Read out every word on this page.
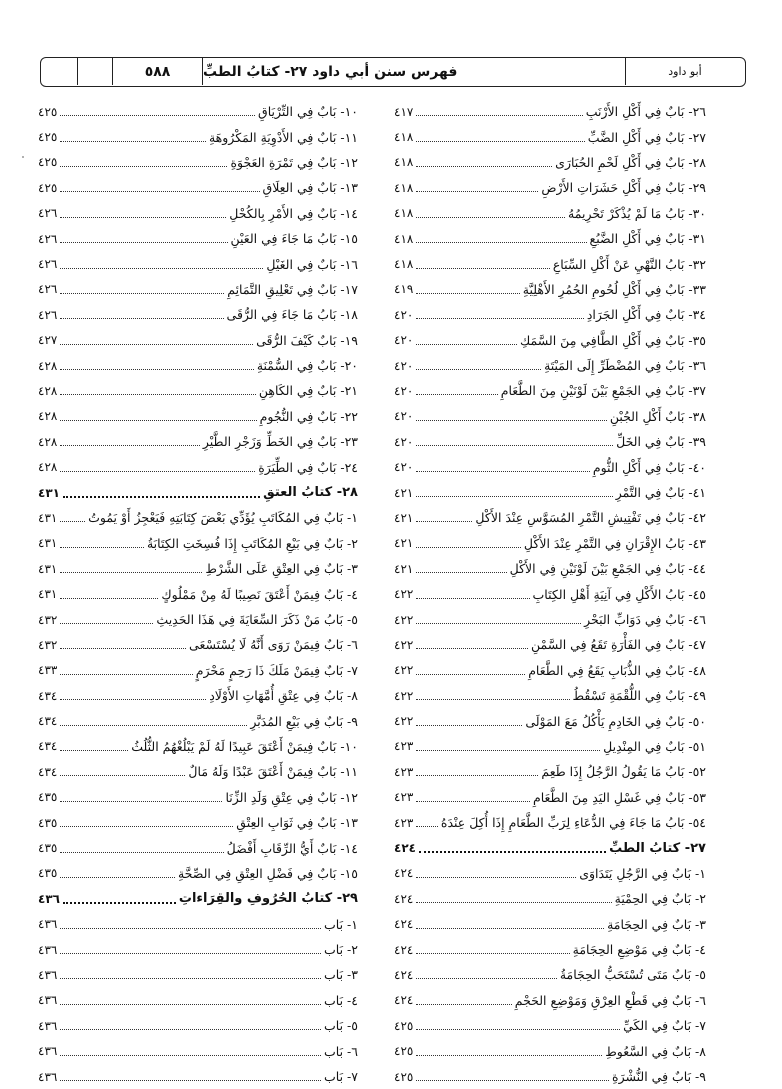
٥٨٨	فهرس سنن أبي داود ٢٧- كتابُ الطبِّ	أبو داود
٢٦- بَابٌ فِي أَكْلِ الأَرْنَبِ
٤١٧
٢٧- بَابٌ فِي أَكْلِ الضَّبِّ
٤١٨
٢٨- بَابٌ فِي أَكْلِ لَحْمِ الحُبَارَى
٤١٨
٢٩- بَابٌ فِي أَكْلِ حَشَرَاتِ الأَرْضِ
٤١٨
٣٠- بَابُ مَا لَمْ يُذْكَرْ تَحْرِيمُهُ
٤١٨
٣١- بَابٌ فِي أَكْلِ الضَّبُعِ
٤١٨
٣٢- بَابُ النَّهْيِ عَنْ أَكْلِ السِّبَاعِ
٤١٨
٣٣- بَابٌ فِي أَكْلِ لُحُومِ الحُمُرِ الأَهْلِيَّةِ
٤١٩
٣٤- بَابٌ فِي أَكْلِ الجَرَادِ
٤٢٠
٣٥- بَابٌ فِي أَكْلِ الطَّافِي مِنَ السَّمَكِ
٤٢٠
٣٦- بَابٌ فِي المُضْطَرِّ إِلَى المَيْتَةِ
٤٢٠
٣٧- بَابٌ فِي الجَمْعِ بَيْنَ لَوْنَيْنِ مِنَ الطَّعَامِ
٤٢٠
٣٨- بَابٌ أَكْلِ الجُبْنِ
٤٢٠
٣٩- بَابٌ فِي الخَلِّ
٤٢٠
٤٠- بَابٌ فِي أَكْلِ الثُّومِ
٤٢٠
٤١- بَابٌ فِي التَّمْرِ
٤٢١
٤٢- بَابٌ فِي تَفْتِيشِ التَّمْرِ المُسَوَّسِ عِنْدَ الأَكْلِ
٤٢١
٤٣- بَابُ الإِقْرَانِ فِي التَّمْرِ عِنْدَ الأَكْلِ
٤٢١
٤٤- بَابٌ فِي الجَمْعِ بَيْنَ لَوْنَيْنِ فِي الأَكْلِ
٤٢١
٤٥- بَابُ الأَكْلِ فِي آنِيَةِ أَهْلِ الكِتَابِ
٤٢٢
٤٦- بَابٌ فِي دَوَابِّ البَحْرِ
٤٢٢
٤٧- بَابٌ فِي الفَأْرَةِ تَقَعُ فِي السَّمْنِ
٤٢٢
٤٨- بَابٌ فِي الذُّبَابِ يَقَعُ فِي الطَّعَامِ
٤٢٢
٤٩- بَابٌ فِي اللُّقْمَةِ تَسْقُطُ
٤٢٢
٥٠- بَابٌ فِي الخَادِمِ يَأْكُلُ مَعَ المَوْلَى
٤٢٢
٥١- بَابٌ فِي المِنْدِيلِ
٤٢٣
٥٢- بَابُ مَا يَقُولُ الرَّجُلُ إِذَا طَعِمَ
٤٢٣
٥٣- بَابٌ فِي غَسْلِ اليَدِ مِنَ الطَّعَامِ
٤٢٣
٥٤- بَابُ مَا جَاءَ فِي الدُّعَاءِ لِرَبِّ الطَّعَامِ إِذَا أُكِلَ عِنْدَهُ
٤٢٣
٢٧- كتابُ الطبِّ
٤٢٤
١- بَابٌ فِي الرَّجُلِ يَتَدَاوَى
٤٢٤
٢- بَابٌ فِي الحِمْيَةِ
٤٢٤
٣- بَابٌ فِي الحِجَامَةِ
٤٢٤
٤- بَابٌ فِي مَوْضِعِ الحِجَامَةِ
٤٢٤
٥- بَابٌ مَتَى تُسْتَحَبُّ الحِجَامَةُ
٤٢٤
٦- بَابٌ فِي قَطْعِ العِرْقِ وَمَوْضِعِ الحَجْمِ
٤٢٤
٧- بَابٌ فِي الكَيِّ
٤٢٥
٨- بَابٌ فِي السَّعُوطِ
٤٢٥
٩- بَابٌ فِي النُّشْرَةِ
٤٢٥
١٠- بَابٌ فِي التِّرْيَاقِ
٤٢٥
١١- بَابٌ فِي الأَدْوِيَةِ المَكْرُوهَةِ
٤٢٥
١٢- بَابٌ فِي تَمْرَةِ العَجْوَةِ
٤٢٥
١٣- بَابٌ فِي العِلَاقِ
٤٢٥
١٤- بَابٌ فِي الأَمْرِ بِالكُحْلِ
٤٢٦
١٥- بَابُ مَا جَاءَ فِي العَيْنِ
٤٢٦
١٦- بَابٌ فِي الغَيْلِ
٤٢٦
١٧- بَابٌ فِي تَعْلِيقِ التَّمَائِمِ
٤٢٦
١٨- بَابُ مَا جَاءَ فِي الرُّقَى
٤٢٦
١٩- بَابٌ كَيْفَ الرُّقَى
٤٢٧
٢٠- بَابٌ فِي السُّمْنَةِ
٤٢٨
٢١- بَابٌ فِي الكَاهِنِ
٤٢٨
٢٢- بَابٌ فِي النُّجُومِ
٤٢٨
٢٣- بَابٌ فِي الخَطِّ وَزَجْرِ الطَّيْرِ
٤٢٨
٢٤- بَابٌ فِي الطِّيَرَةِ
٤٢٨
٢٨- كتابُ العتقِ
٤٣١
١- بَابٌ فِي المُكَاتَبِ يُؤَدِّي بَعْضَ كِتَابَتِهِ فَيَعْجِزُ أَوْ يَمُوتُ
٤٣١
٢- بَابٌ فِي بَيْعِ المُكَاتَبِ إِذَا فُسِخَتِ الكِتَابَةُ
٤٣١
٣- بَابٌ فِي العِتْقِ عَلَى الشَّرْطِ
٤٣١
٤- بَابٌ فِيمَنْ أَعْتَقَ نَصِيبًا لَهُ مِنْ مَمْلُوكٍ
٤٣١
٥- بَابُ مَنْ ذَكَرَ السِّعَايَةَ فِي هَذَا الحَدِيثِ
٤٣٢
٦- بَابٌ فِيمَنْ رَوَى أَنَّهُ لَا يُسْتَسْعَى
٤٣٢
٧- بَابٌ فِيمَنْ مَلَكَ ذَا رَحِمٍ مَحْرَمٍ
٤٣٣
٨- بَابٌ فِي عِتْقِ أُمَّهَاتِ الأَوْلَادِ
٤٣٤
٩- بَابٌ فِي بَيْعِ المُدَبَّرِ
٤٣٤
١٠- بَابٌ فِيمَنْ أَعْتَقَ عَبِيدًا لَهُ لَمْ يَبْلُغْهُمُ الثُّلُثُ
٤٣٤
١١- بَابٌ فِيمَنْ أَعْتَقَ عَبْدًا وَلَهُ مَالٌ
٤٣٤
١٢- بَابٌ فِي عِتْقِ وَلَدِ الزِّنَا
٤٣٥
١٣- بَابٌ فِي ثَوَابِ العِتْقِ
٤٣٥
١٤- بَابٌ أَيُّ الرِّقَابِ أَفْضَلُ
٤٣٥
١٥- بَابٌ فِي فَضْلِ العِتْقِ فِي الصِّحَّةِ
٤٣٥
٢٩- كتابُ الحُرُوفِ والقِرَاءاتِ
٤٣٦
١- بَاب
٤٣٦
٢- بَاب
٤٣٦
٣- بَاب
٤٣٦
٤- بَاب
٤٣٦
٥- بَاب
٤٣٦
٦- بَاب
٤٣٦
٧- بَاب
٤٣٦
